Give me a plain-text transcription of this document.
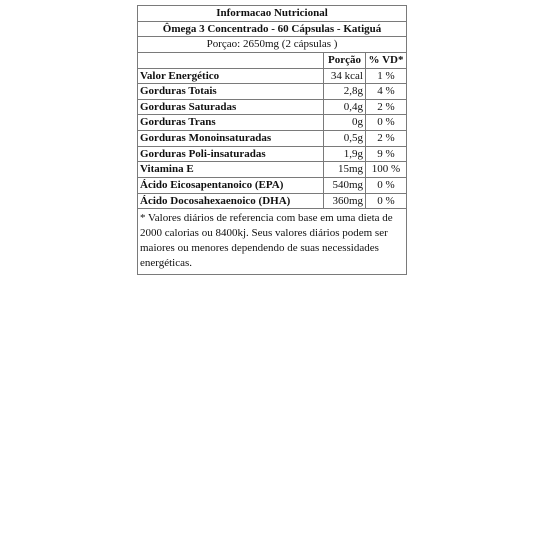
Informacao Nutricional		
Ômega 3 Concentrado - 60 Cápsulas - Katiguá		
Porçao: 2650mg (2 cápsulas )		
	Porção	% VD*
Valor Energético	34 kcal	1 %
Gorduras Totais	2,8g	4 %
Gorduras Saturadas	0,4g	2 %
Gorduras Trans	0g	0 %
Gorduras Monoinsaturadas	0,5g	2 %
Gorduras Poli-insaturadas	1,9g	9 %
Vitamina E	15mg	100 %
Ácido Eicosapentanoico (EPA)	540mg	0 %
Ácido Docosahexaenoico (DHA)	360mg	0 %
* Valores diários de referencia com base em uma dieta de 2000 calorias ou 8400kj. Seus valores diários podem ser maiores ou menores dependendo de suas necessidades energéticas.		
